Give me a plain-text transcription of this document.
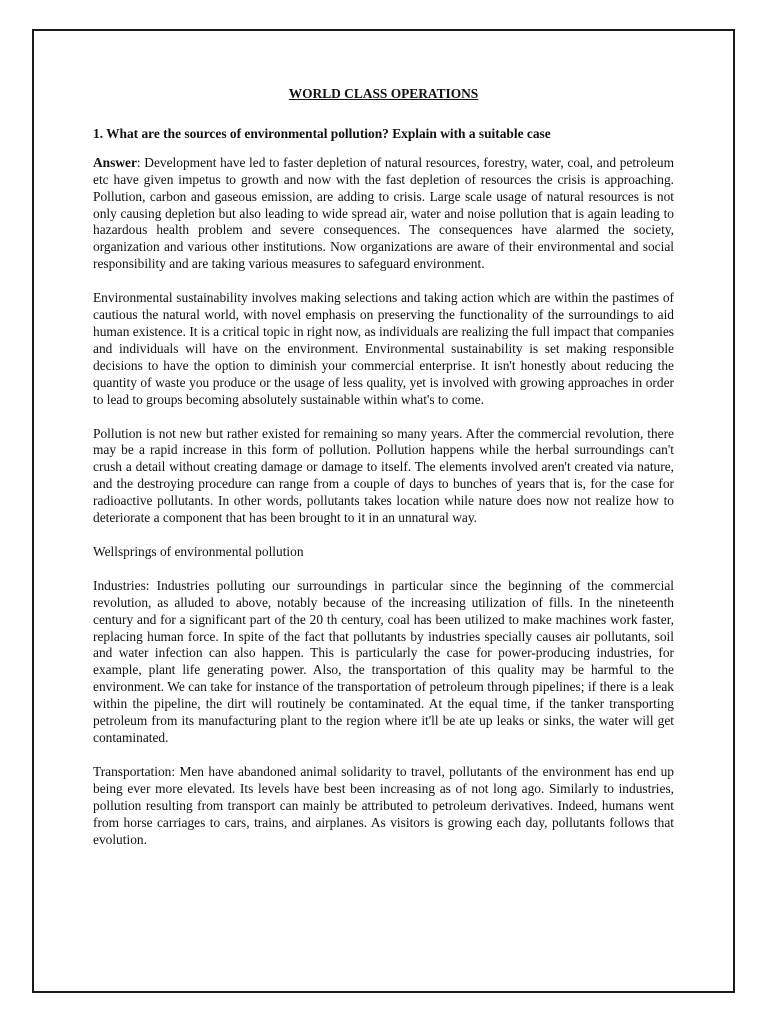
WORLD CLASS OPERATIONS
1. What are the sources of environmental pollution? Explain with a suitable case

Answer: Development have led to faster depletion of natural resources, forestry, water, coal, and petroleum etc have given impetus to growth and now with the fast depletion of resources the crisis is approaching. Pollution, carbon and gaseous emission, are adding to crisis. Large scale usage of natural resources is not only causing depletion but also leading to wide spread air, water and noise pollution that is again leading to hazardous health problem and severe consequences. The consequences have alarmed the society, organization and various other institutions. Now organizations are aware of their environmental and social responsibility and are taking various measures to safeguard environment.

Environmental sustainability involves making selections and taking action which are within the pastimes of cautious the natural world, with novel emphasis on preserving the functionality of the surroundings to aid human existence. It is a critical topic in right now, as individuals are realizing the full impact that companies and individuals will have on the environment. Environmental sustainability is set making responsible decisions to have the option to diminish your commercial enterprise. It isn't honestly about reducing the quantity of waste you produce or the usage of less quality, yet is involved with growing approaches in order to lead to groups becoming absolutely sustainable within what's to come.

Pollution is not new but rather existed for remaining so many years. After the commercial revolution, there may be a rapid increase in this form of pollution. Pollution happens while the herbal surroundings can't crush a detail without creating damage or damage to itself. The elements involved aren't created via nature, and the destroying procedure can range from a couple of days to bunches of years that is, for the case for radioactive pollutants. In other words, pollutants takes location while nature does now not realize how to deteriorate a component that has been brought to it in an unnatural way.

Wellsprings of environmental pollution

Industries: Industries polluting our surroundings in particular since the beginning of the commercial revolution, as alluded to above, notably because of the increasing utilization of fills. In the nineteenth century and for a significant part of the 20 th century, coal has been utilized to make machines work faster, replacing human force. In spite of the fact that pollutants by industries specially causes air pollutants, soil and water infection can also happen. This is particularly the case for power-producing industries, for example, plant life generating power. Also, the transportation of this quality may be harmful to the environment. We can take for instance of the transportation of petroleum through pipelines; if there is a leak within the pipeline, the dirt will routinely be contaminated. At the equal time, if the tanker transporting petroleum from its manufacturing plant to the region where it'll be ate up leaks or sinks, the water will get contaminated.

Transportation: Men have abandoned animal solidarity to travel, pollutants of the environment has end up being ever more elevated. Its levels have best been increasing as of not long ago. Similarly to industries, pollution resulting from transport can mainly be attributed to petroleum derivatives. Indeed, humans went from horse carriages to cars, trains, and airplanes. As visitors is growing each day, pollutants follows that evolution.
